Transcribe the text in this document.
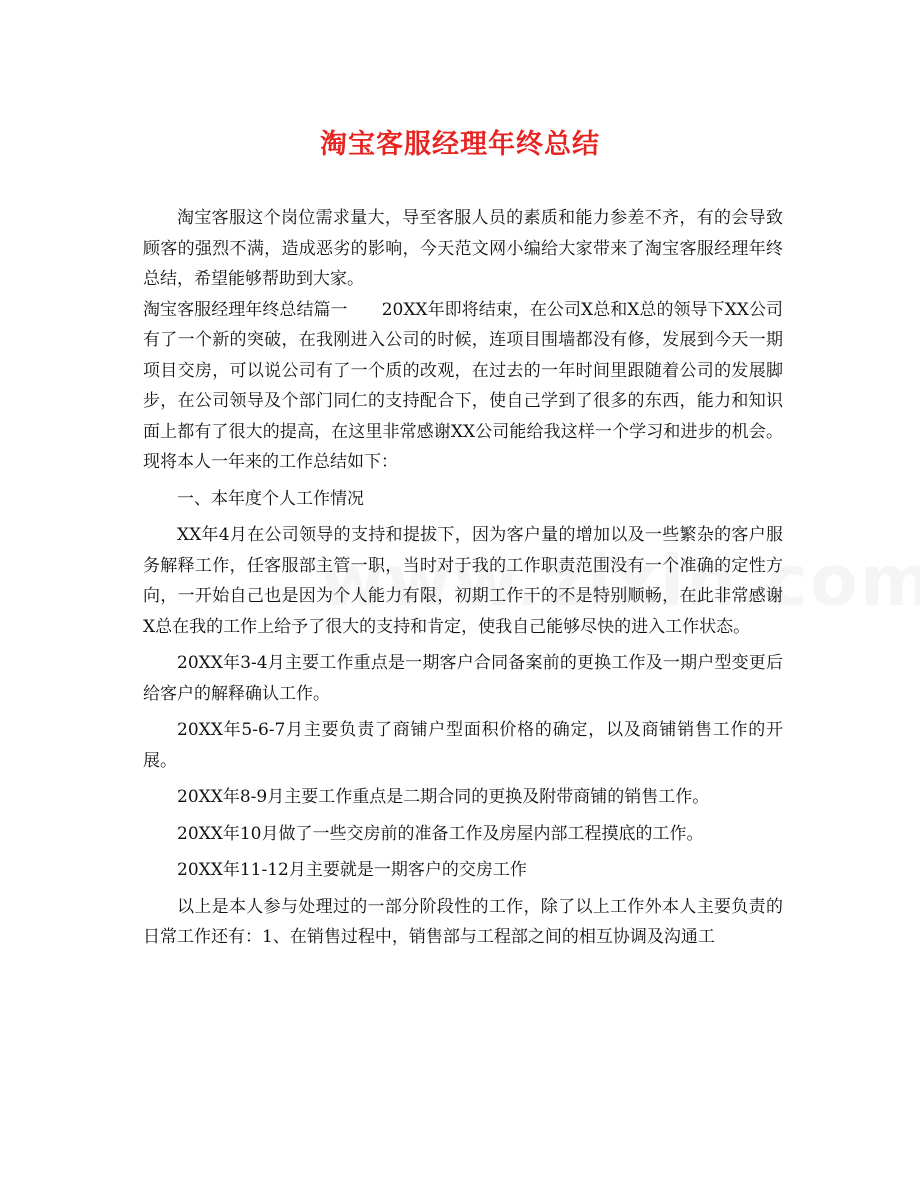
淘宝客服经理年终总结

淘宝客服这个岗位需求量大，导至客服人员的素质和能力参差不齐，有的会导致顾客的强烈不满，造成恶劣的影响，今天范文网小编给大家带来了淘宝客服经理年终总结，希望能够帮助到大家。

淘宝客服经理年终总结篇一　　20XX年即将结束，在公司X总和X总的领导下XX公司有了一个新的突破，在我刚进入公司的时候，连项目围墙都没有修，发展到今天一期项目交房，可以说公司有了一个质的改观，在过去的一年时间里跟随着公司的发展脚步，在公司领导及个部门同仁的支持配合下，使自己学到了很多的东西，能力和知识面上都有了很大的提高，在这里非常感谢XX公司能给我这样一个学习和进步的机会。现将本人一年来的工作总结如下：

一、本年度个人工作情况

XX年4月在公司领导的支持和提拔下，因为客户量的增加以及一些繁杂的客户服务解释工作，任客服部主管一职，当时对于我的工作职责范围没有一个准确的定性方向，一开始自己也是因为个人能力有限，初期工作干的不是特别顺畅，在此非常感谢X总在我的工作上给予了很大的支持和肯定，使我自己能够尽快的进入工作状态。

20XX年3-4月主要工作重点是一期客户合同备案前的更换工作及一期户型变更后给客户的解释确认工作。

20XX年5-6-7月主要负责了商铺户型面积价格的确定，以及商铺销售工作的开展。

20XX年8-9月主要工作重点是二期合同的更换及附带商铺的销售工作。

20XX年10月做了一些交房前的准备工作及房屋内部工程摸底的工作。

20XX年11-12月主要就是一期客户的交房工作

以上是本人参与处理过的一部分阶段性的工作，除了以上工作外本人主要负责的日常工作还有：1、在销售过程中，销售部与工程部之间的相互协调及沟通工
